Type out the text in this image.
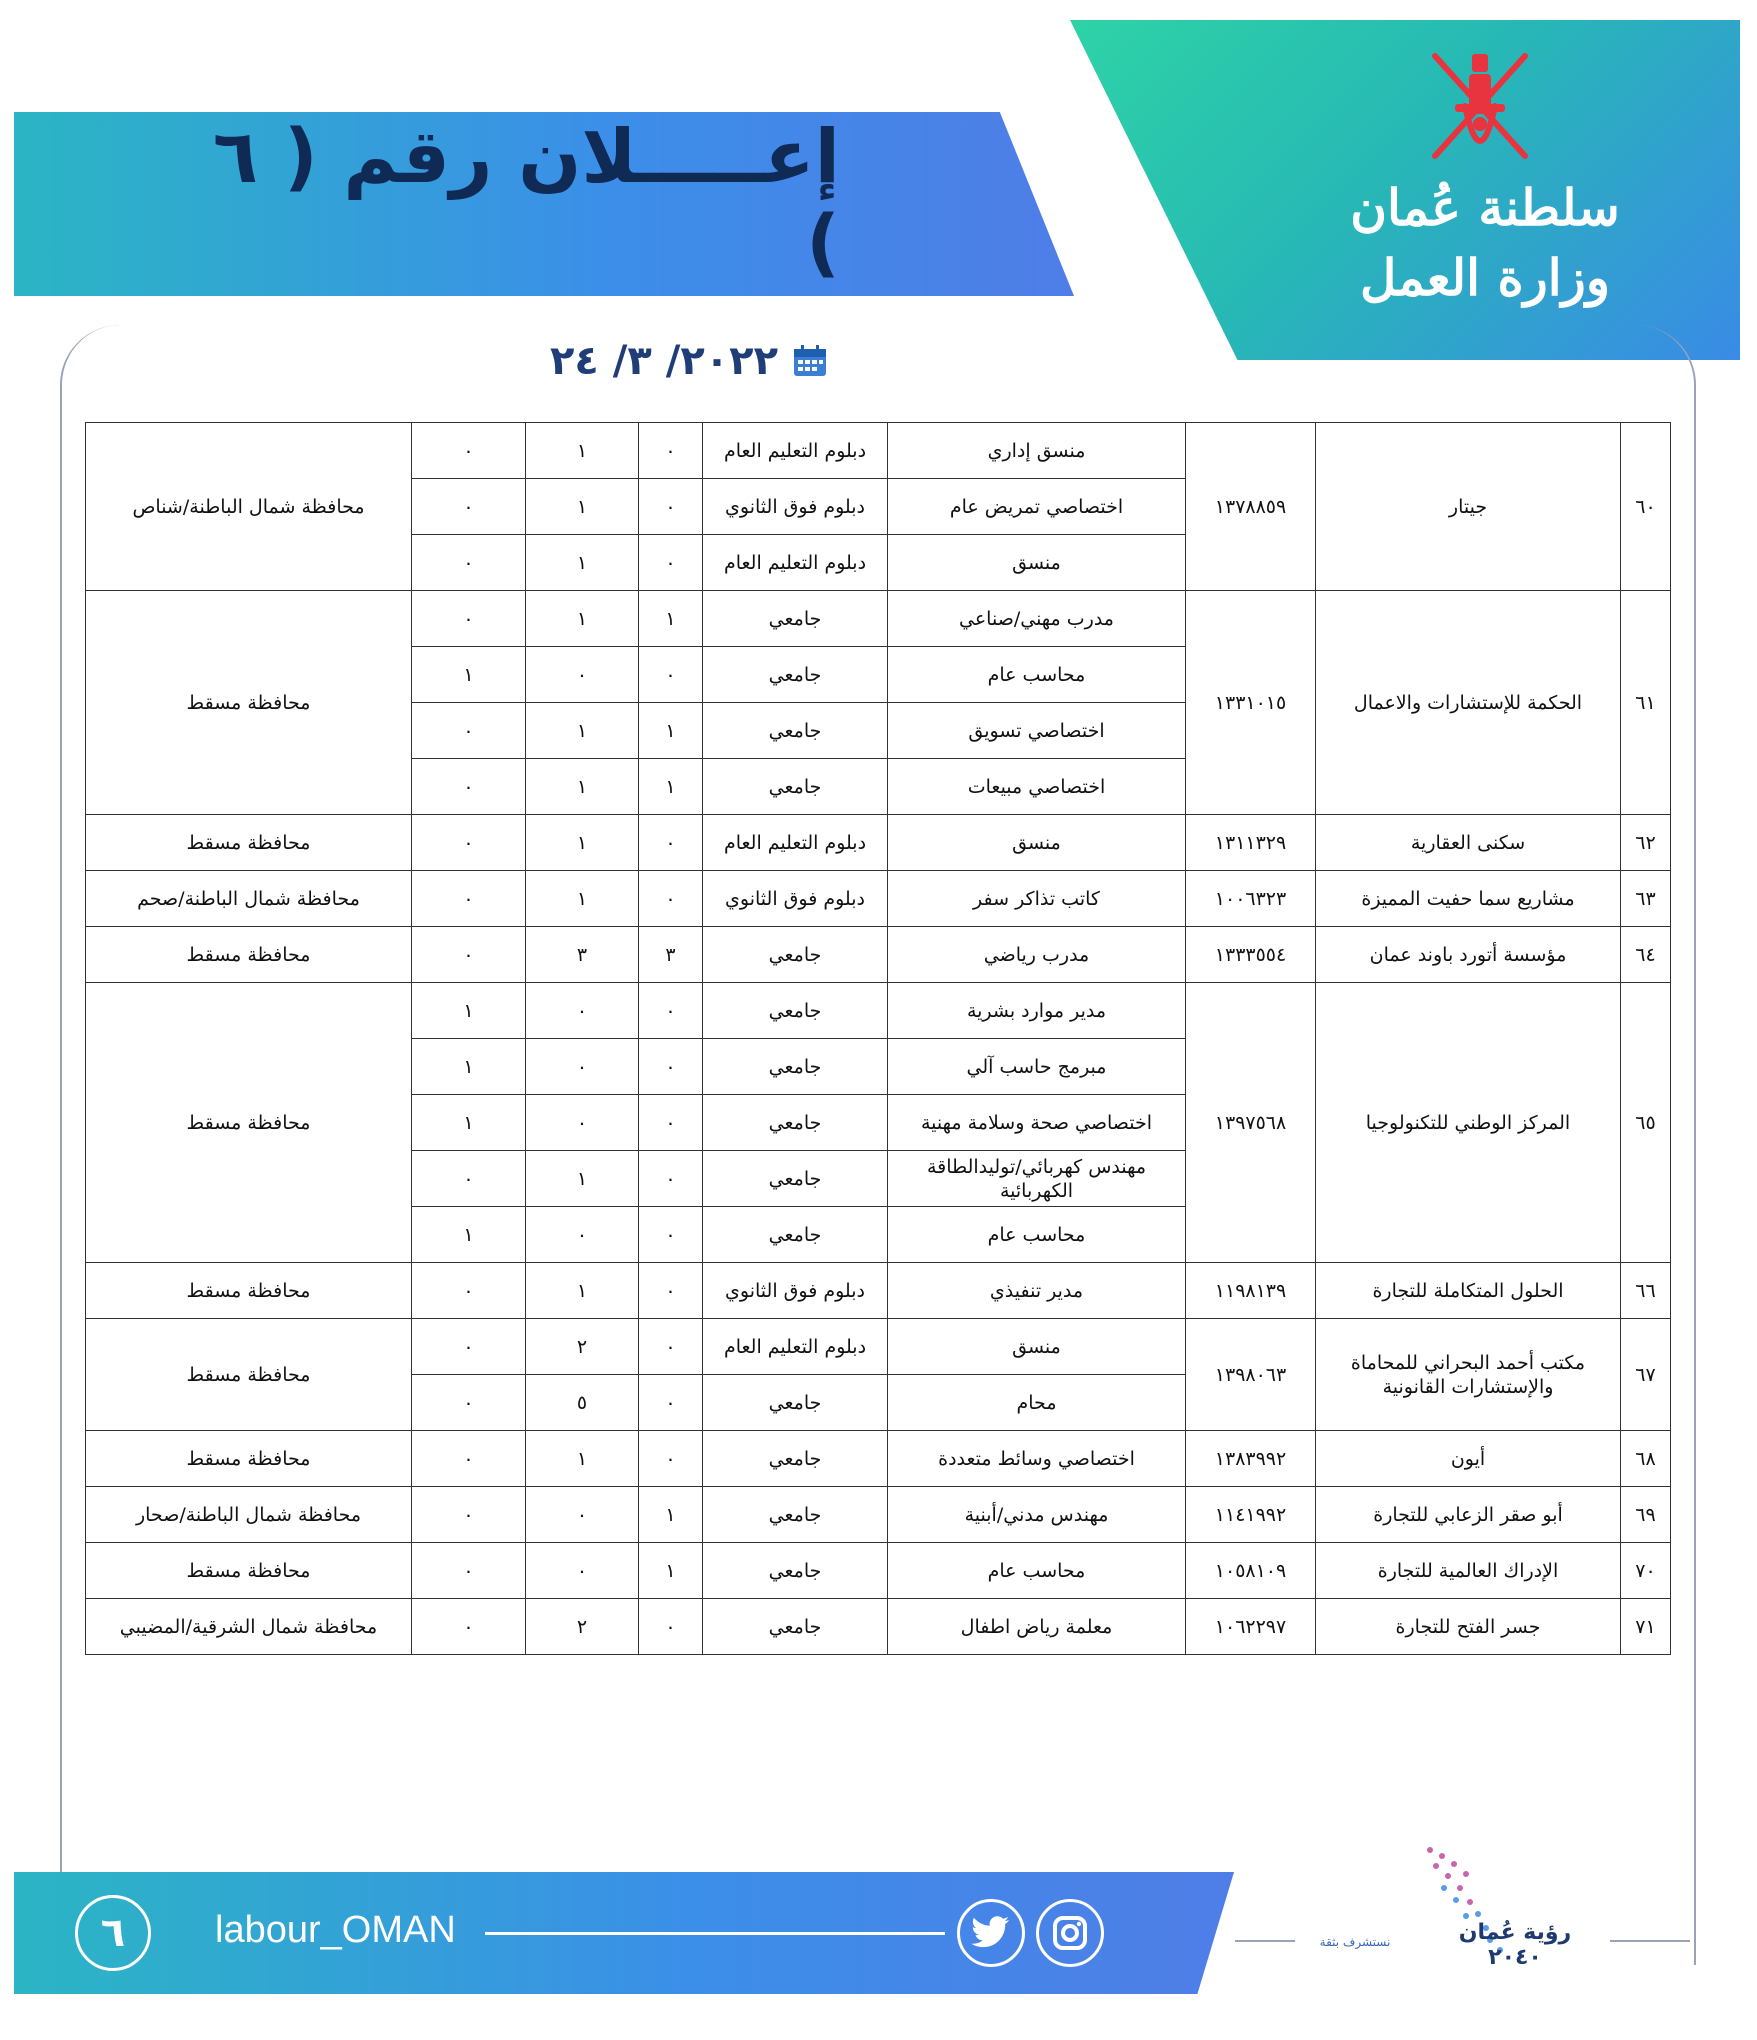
إعـــــلان رقم ( ٦ )	سلطنة عُمان
وزارة العمل
٢٠٢٢/ ٣/ ٢٤
٦٠	جيتار	١٣٧٨٨٥٩	منسق إداري	دبلوم التعليم العام	٠	١	٠	محافظة شمال الباطنة/شناص
			اختصاصي تمريض عام	دبلوم فوق الثانوي	٠	١	٠	
			منسق	دبلوم التعليم العام	٠	١	٠	
٦١	الحكمة للإستشارات والاعمال	١٣٣١٠١٥	مدرب مهني/صناعي	جامعي	١	١	٠	محافظة مسقط
			محاسب عام	جامعي	٠	٠	١	
			اختصاصي تسويق	جامعي	١	١	٠	
			اختصاصي مبيعات	جامعي	١	١	٠	
٦٢	سكنى العقارية	١٣١١٣٢٩	منسق	دبلوم التعليم العام	٠	١	٠	محافظة مسقط
٦٣	مشاريع سما حفيت المميزة	١٠٠٦٣٢٣	كاتب تذاكر سفر	دبلوم فوق الثانوي	٠	١	٠	محافظة شمال الباطنة/صحم
٦٤	مؤسسة أتورد باوند عمان	١٣٣٣٥٥٤	مدرب رياضي	جامعي	٣	٣	٠	محافظة مسقط
٦٥	المركز الوطني للتكنولوجيا	١٣٩٧٥٦٨	مدير موارد بشرية	جامعي	٠	٠	١	محافظة مسقط
			مبرمج حاسب آلي	جامعي	٠	٠	١	
			اختصاصي صحة وسلامة مهنية	جامعي	٠	٠	١	
			مهندس كهربائي/توليدالطاقة الكهربائية	جامعي	٠	١	٠	
			محاسب عام	جامعي	٠	٠	١	
٦٦	الحلول المتكاملة للتجارة	١١٩٨١٣٩	مدير تنفيذي	دبلوم فوق الثانوي	٠	١	٠	محافظة مسقط
٦٧	مكتب أحمد البحراني للمحاماة والإستشارات القانونية	١٣٩٨٠٦٣	منسق	دبلوم التعليم العام	٠	٢	٠	محافظة مسقط
			محام	جامعي	٠	٥	٠	
٦٨	أيون	١٣٨٣٩٩٢	اختصاصي وسائط متعددة	جامعي	٠	١	٠	محافظة مسقط
٦٩	أبو صقر الزعابي للتجارة	١١٤١٩٩٢	مهندس مدني/أبنية	جامعي	١	٠	٠	محافظة شمال الباطنة/صحار
٧٠	الإدراك العالمية للتجارة	١٠٥٨١٠٩	محاسب عام	جامعي	١	٠	٠	محافظة مسقط
٧١	جسر الفتح للتجارة	١٠٦٢٢٩٧	معلمة رياض اطفال	جامعي	٠	٢	٠	محافظة شمال الشرقية/المضيبي
٦	labour_OMAN	رؤية عُمان ٢٠٤٠
نستشرف بثقة
